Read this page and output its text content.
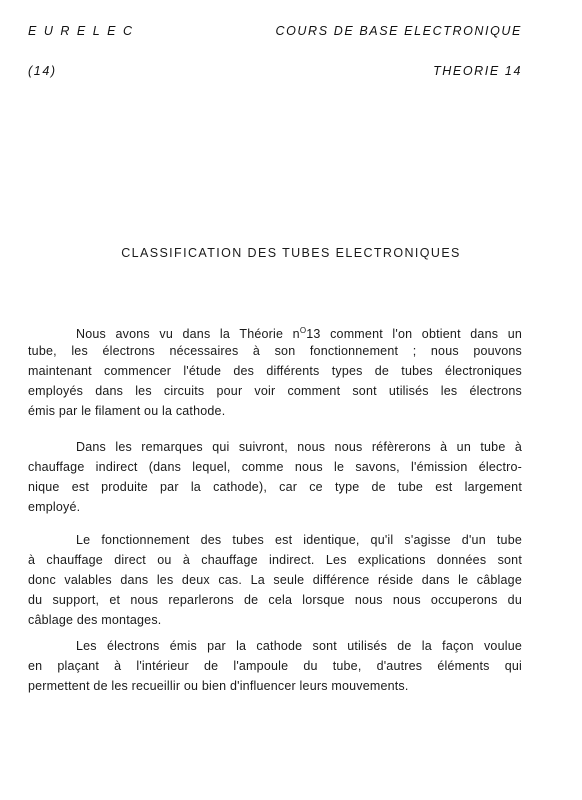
EURELEC	COURS DE BASE ELECTRONIQUE
(14)	THEORIE 14
CLASSIFICATION DES TUBES ELECTRONIQUES
Nous avons vu dans la Théorie $n^O13$ comment l'on obtient dans un
tube, les électrons nécessaires à son fonctionnement ; nous pouvons
maintenant commencer l'étude des différents types de tubes électroniques
employés dans les circuits pour voir comment sont utilisés les électrons
émis par le filament ou la cathode.
Dans les remarques qui suivront, nous nous réfèrerons à un tube à
chauffage indirect (dans lequel, comme nous le savons, l'émission électro-
nique est produite par la cathode), car ce type de tube est largement
employé.
Le fonctionnement des tubes est identique, qu'il s'agisse d'un tube
à chauffage direct ou à chauffage indirect. Les explications données sont
donc valables dans les deux cas. La seule différence réside dans le câblage
du support, et nous reparlerons de cela lorsque nous nous occuperons du
câblage des montages.
Les électrons émis par la cathode sont utilisés de la façon voulue
en plaçant à l'intérieur de l'ampoule du tube, d'autres éléments qui
permettent de les recueillir ou bien d'influencer leurs mouvements.
